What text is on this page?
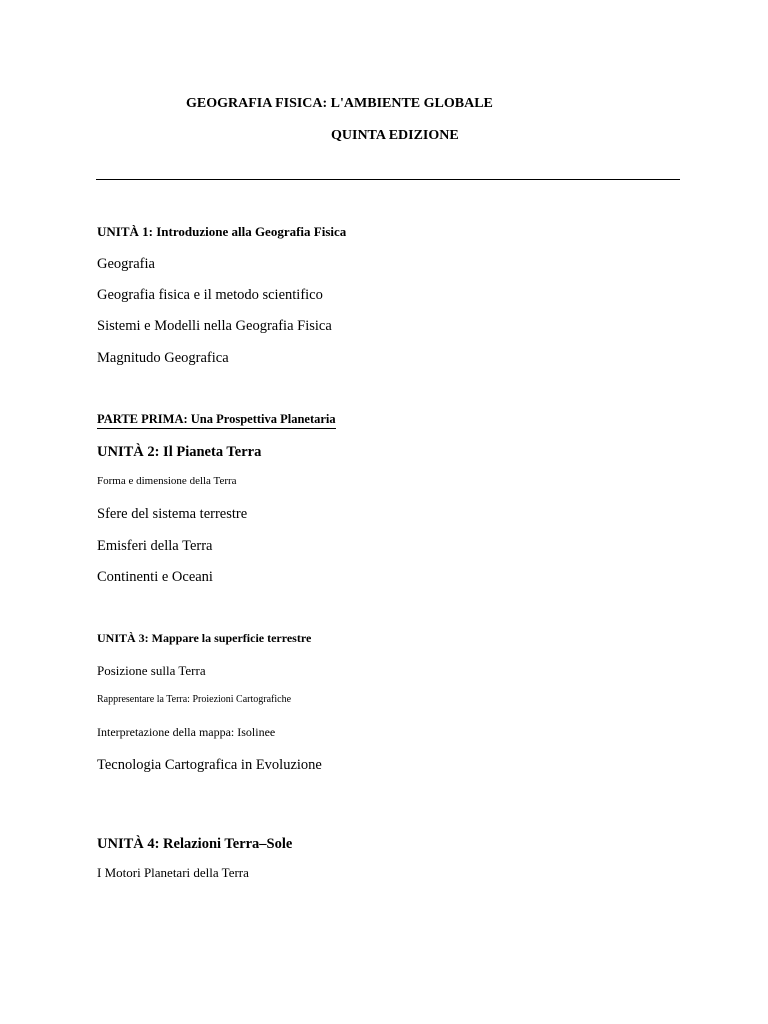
GEOGRAFIA FISICA: L'AMBIENTE GLOBALE

QUINTA EDIZIONE

UNITÀ 1: Introduzione alla Geografia Fisica

Geografia

Geografia fisica e il metodo scientifico

Sistemi e Modelli nella Geografia Fisica

Magnitudo Geografica

PARTE PRIMA: Una Prospettiva Planetaria

UNITÀ 2: Il Pianeta Terra

Forma e dimensione della Terra

Sfere del sistema terrestre

Emisferi della Terra

Continenti e Oceani

UNITÀ 3: Mappare la superficie terrestre

Posizione sulla Terra

Rappresentare la Terra: Proiezioni Cartografiche

Interpretazione della mappa: Isolinee

Tecnologia Cartografica in Evoluzione

UNITÀ 4: Relazioni Terra–Sole

I Motori Planetari della Terra
